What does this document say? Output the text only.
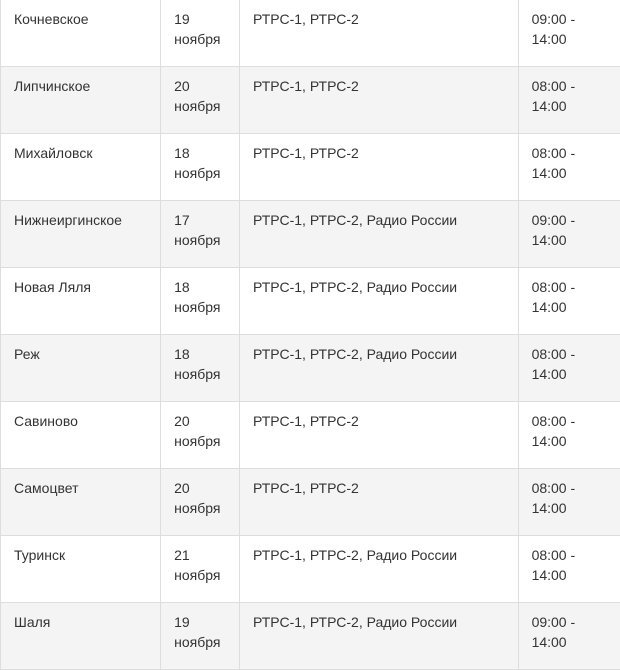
Кочневское	19 ноября	РТРС-1, РТРС-2	09:00 -
14:00

Липчинское	20 ноября	РТРС-1, РТРС-2	08:00 -
14:00

Михайловск	18 ноября	РТРС-1, РТРС-2	08:00 -
14:00

Нижнеиргинское	17 ноября	РТРС-1, РТРС-2, Радио России	09:00 -
14:00

Новая Ляля	18 ноября	РТРС-1, РТРС-2, Радио России	08:00 -
14:00

Реж	18 ноября	РТРС-1, РТРС-2, Радио России	08:00 -
14:00

Савиново	20 ноября	РТРС-1, РТРС-2	08:00 -
14:00

Самоцвет	20 ноября	РТРС-1, РТРС-2	08:00 -
14:00

Туринск	21 ноября	РТРС-1, РТРС-2, Радио России	08:00 -
14:00

Шаля	19 ноября	РТРС-1, РТРС-2, Радио России	09:00 -
14:00
